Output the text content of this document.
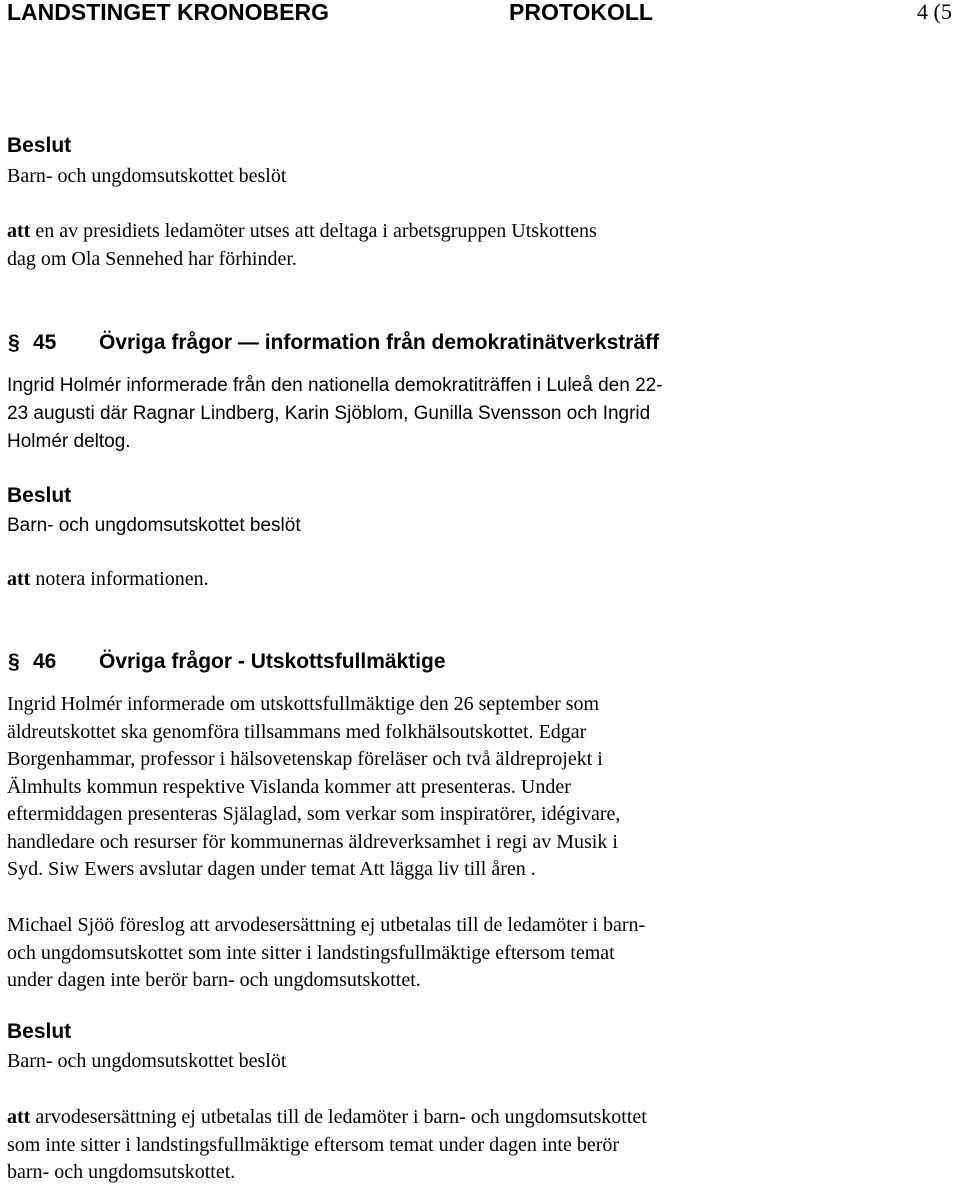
LANDSTINGET KRONOBERG	PROTOKOLL	4 (5
Beslut
Barn- och ungdomsutskottet beslöt
att en av presidiets ledamöter utses att deltaga i arbetsgruppen Utskottens
dag om Ola Sennehed har förhinder.
§ 45 Övriga frågor — information från demokratinätverksträff
Ingrid Holmér informerade från den nationella demokratiträffen i Luleå den 22-
23 augusti där Ragnar Lindberg, Karin Sjöblom, Gunilla Svensson och Ingrid
Holmér deltog.
Beslut
Barn- och ungdomsutskottet beslöt
att notera informationen.
§ 46 Övriga frågor - Utskottsfullmäktige
Ingrid Holmér informerade om utskottsfullmäktige den 26 september som
äldreutskottet ska genomföra tillsammans med folkhälsoutskottet. Edgar
Borgenhammar, professor i hälsovetenskap föreläser och två äldreprojekt i
Älmhults kommun respektive Vislanda kommer att presenteras. Under
eftermiddagen presenteras Själaglad, som verkar som inspiratörer, idégivare,
handledare och resurser för kommunernas äldreverksamhet i regi av Musik i
Syd. Siw Ewers avslutar dagen under temat Att lägga liv till åren .
Michael Sjöö föreslog att arvodesersättning ej utbetalas till de ledamöter i barn-
och ungdomsutskottet som inte sitter i landstingsfullmäktige eftersom temat
under dagen inte berör barn- och ungdomsutskottet.
Beslut
Barn- och ungdomsutskottet beslöt
att arvodesersättning ej utbetalas till de ledamöter i barn- och ungdomsutskottet
som inte sitter i landstingsfullmäktige eftersom temat under dagen inte berör
barn- och ungdomsutskottet.
